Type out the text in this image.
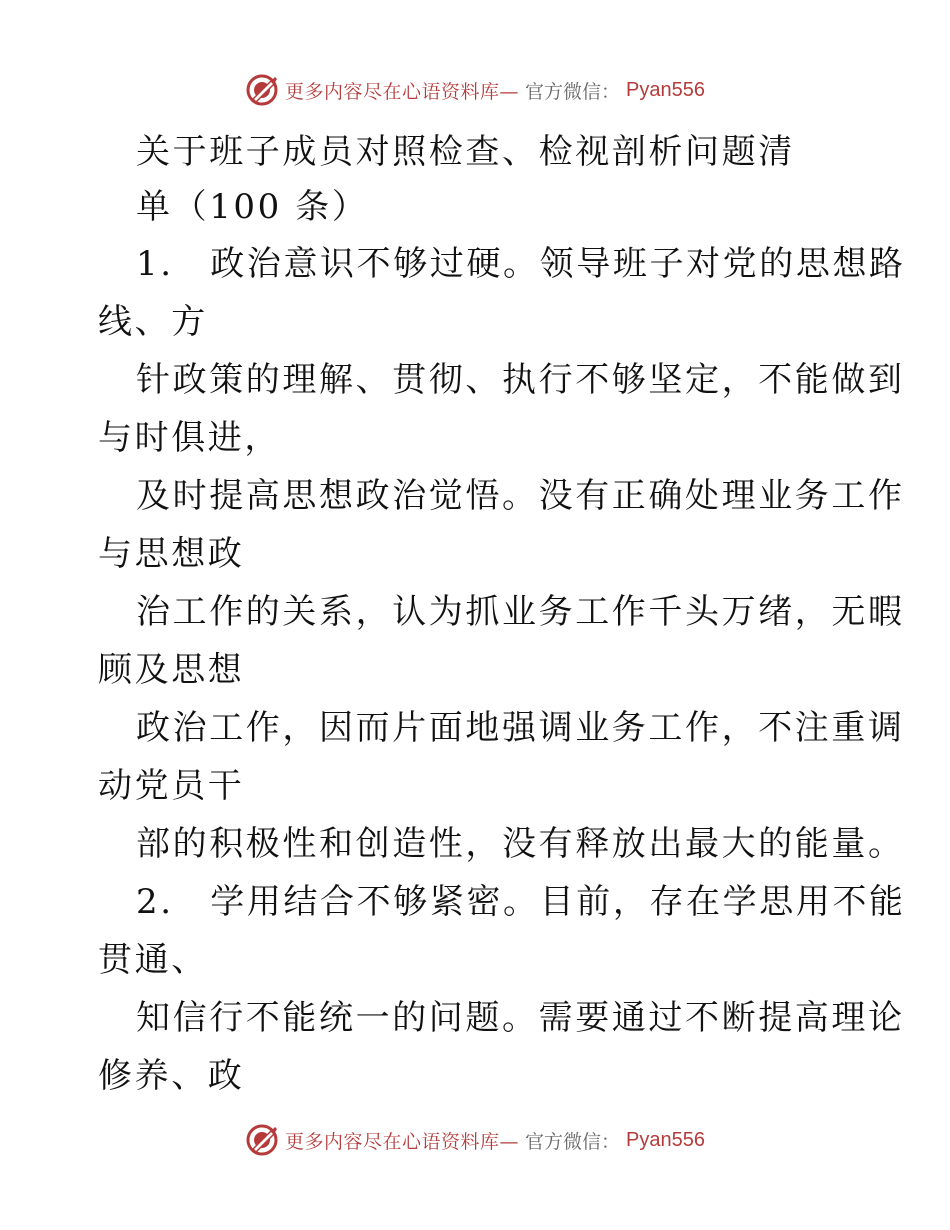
更多内容尽在心语资料库— 官方微信： Pyan556
关于班子成员对照检查、检视剖析问题清
单（100 条）
1.　政治意识不够过硬。领导班子对党的思想路
线、方
针政策的理解、贯彻、执行不够坚定，不能做到
与时俱进，
及时提高思想政治觉悟。没有正确处理业务工作
与思想政
治工作的关系，认为抓业务工作千头万绪，无暇
顾及思想
政治工作，因而片面地强调业务工作，不注重调
动党员干
部的积极性和创造性，没有释放出最大的能量。
2.　学用结合不够紧密。目前，存在学思用不能
贯通、
知信行不能统一的问题。需要通过不断提高理论
修养、政
更多内容尽在心语资料库— 官方微信： Pyan556
